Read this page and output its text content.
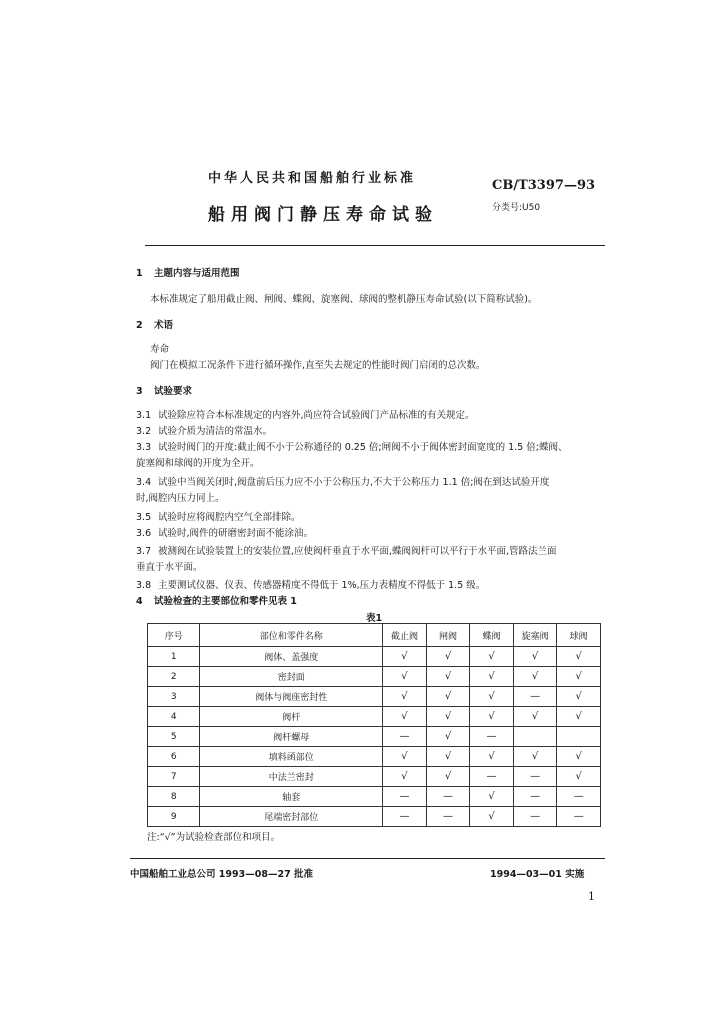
中华人民共和国船舶行业标准
船用阀门静压寿命试验
CB/T3397—93
分类号:U50
1 主题内容与适用范围
本标准规定了船用截止阀、闸阀、蝶阀、旋塞阀、球阀的整机静压寿命试验(以下简称试验)。
2 术语
寿命
阀门在模拟工况条件下进行循环操作,直至失去规定的性能时阀门启闭的总次数。
3 试验要求
3.1 试验除应符合本标准规定的内容外,尚应符合试验阀门产品标准的有关规定。
3.2 试验介质为清洁的常温水。
3.3 试验时阀门的开度:截止阀不小于公称通径的 0.25 倍;闸阀不小于阀体密封面宽度的 1.5 倍;蝶阀、
旋塞阀和球阀的开度为全开。
3.4 试验中当阀关闭时,阀盘前后压力应不小于公称压力,不大于公称压力 1.1 倍;阀在到达试验开度
时,阀腔内压力同上。
3.5 试验时应将阀腔内空气全部排除。
3.6 试验时,阀件的研磨密封面不能涂油。
3.7 被测阀在试验装置上的安装位置,应使阀杆垂直于水平面,蝶阀阀杆可以平行于水平面,管路法兰面
垂直于水平面。
3.8 主要测试仪器、仪表、传感器精度不得低于 1%,压力表精度不得低于 1.5 级。
4 试验检查的主要部位和零件见表 1
表1
序号	部位和零件名称	截止阀	闸阀	蝶阀	旋塞阀	球阀
1	阀体、盖强度	√	√	√	√	√
2	密封面	√	√	√	√	√
3	阀体与阀座密封性	√	√	√	—	√
4	阀杆	√	√	√	√	√
5	阀杆螺母	—	√	—		
6	填料函部位	√	√	√	√	√
7	中法兰密封	√	√	—	—	√
8	轴套	—	—	√	—	—
9	尾端密封部位	—	—	√	—	—
注:“√”为试验检查部位和项目。
中国船舶工业总公司 1993—08—27 批准	1994—03—01 实施
1
